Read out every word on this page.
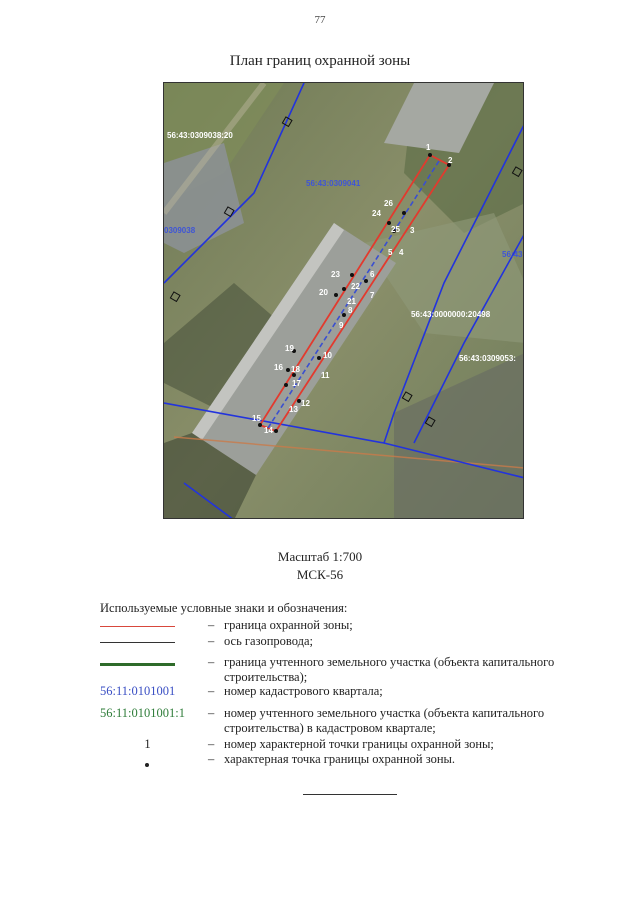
77
План границ охранной зоны
56:43:0309038:20
56:43:0309041
0309038
56:43
56:43:0000000:20498
56:43:0309053:
1
2
3
4
5
6
7
8
9
10
11
12
13
14
15
16
17
18
19
20
21
22
23
24
26
25
Масштаб 1:700
МСК-56
Используемые условные знаки и обозначения:
– граница охранной зоны;
– ось газопровода;
– граница учтенного земельного участка (объекта капитального строительства);
56:11:0101001	– номер кадастрового квартала;
56:11:0101001:1 – номер учтенного земельного участка (объекта капитального строительства) в кадастровом квартале;
1	– номер характерной точки границы охранной зоны;
– характерная точка границы охранной зоны.
